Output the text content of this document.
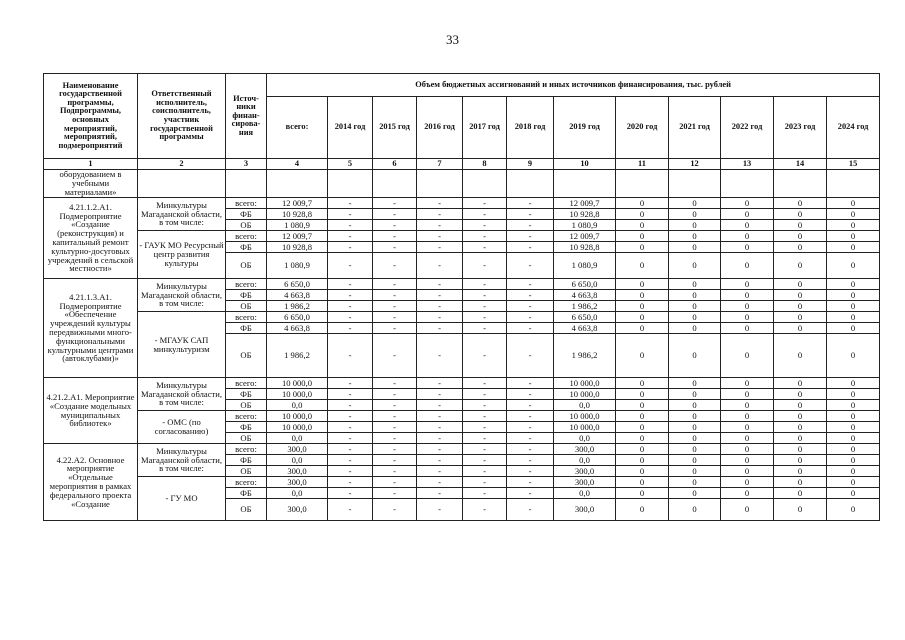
33
Наименование государственной программы, Подпрограммы, основных мероприятий, мероприятий, подмероприятий	Ответственный исполнитель, соисполнитель, участник государственной программы	Источ-ники финан-сирова-ния	Объем бюджетных ассигнований и иных источников финансирования, тыс. рублей											
			всего:	2014 год	2015 год	2016 год	2017 год	2018 год	2019 год	2020 год	2021 год	2022 год	2023 год	2024 год
1	2	3	4	5	6	7	8	9	10	11	12	13	14	15
оборудованием в учебными материалами»														
4.21.1.2.А1. Подмероприятие «Создание (реконструкция) и капитальный ремонт культурно-досуговых учреждений в сельской местности»	Минкультуры Магаданской области, в том числе:	всего:	12 009,7	-	-	-	-	-	12 009,7	0	0	0	0	0
		ФБ	10 928,8	-	-	-	-	-	10 928,8	0	0	0	0	0
		ОБ	1 080,9	-	-	-	-	-	1 080,9	0	0	0	0	0
	- ГАУК МО Ресурсный центр развития культуры	всего:	12 009,7	-	-	-	-	-	12 009,7	0	0	0	0	0
		ФБ	10 928,8	-	-	-	-	-	10 928,8	0	0	0	0	0
		ОБ	1 080,9	-	-	-	-	-	1 080,9	0	0	0	0	0
4.21.1.3.А1. Подмероприятие «Обеспечение учреждений культуры передвижными много-функциональными культурными центрами (автоклубами)»	Минкультуры Магаданской области, в том числе:	всего:	6 650,0	-	-	-	-	-	6 650,0	0	0	0	0	0
		ФБ	4 663,8	-	-	-	-	-	4 663,8	0	0	0	0	0
		ОБ	1 986,2	-	-	-	-	-	1 986,2	0	0	0	0	0
	- МГАУК САП минкультуризм	всего:	6 650,0	-	-	-	-	-	6 650,0	0	0	0	0	0
		ФБ	4 663,8	-	-	-	-	-	4 663,8	0	0	0	0	0
		ОБ	1 986,2	-	-	-	-	-	1 986,2	0	0	0	0	0
4.21.2.А1. Мероприятие «Создание модельных муниципальных библиотек»	Минкультуры Магаданской области, в том числе:	всего:	10 000,0	-	-	-	-	-	10 000,0	0	0	0	0	0
		ФБ	10 000,0	-	-	-	-	-	10 000,0	0	0	0	0	0
		ОБ	0,0	-	-	-	-	-	0,0	0	0	0	0	0
	- ОМС (по согласованию)	всего:	10 000,0	-	-	-	-	-	10 000,0	0	0	0	0	0
		ФБ	10 000,0	-	-	-	-	-	10 000,0	0	0	0	0	0
		ОБ	0,0	-	-	-	-	-	0,0	0	0	0	0	0
4.22.А2. Основное мероприятие «Отдельные мероприятия в рамках федерального проекта «Создание	Минкультуры Магаданской области, в том числе:	всего:	300,0	-	-	-	-	-	300,0	0	0	0	0	0
		ФБ	0,0	-	-	-	-	-	0,0	0	0	0	0	0
		ОБ	300,0	-	-	-	-	-	300,0	0	0	0	0	0
	- ГУ МО	всего:	300,0	-	-	-	-	-	300,0	0	0	0	0	0
		ФБ	0,0	-	-	-	-	-	0,0	0	0	0	0	0
		ОБ	300,0	-	-	-	-	-	300,0	0	0	0	0	0
